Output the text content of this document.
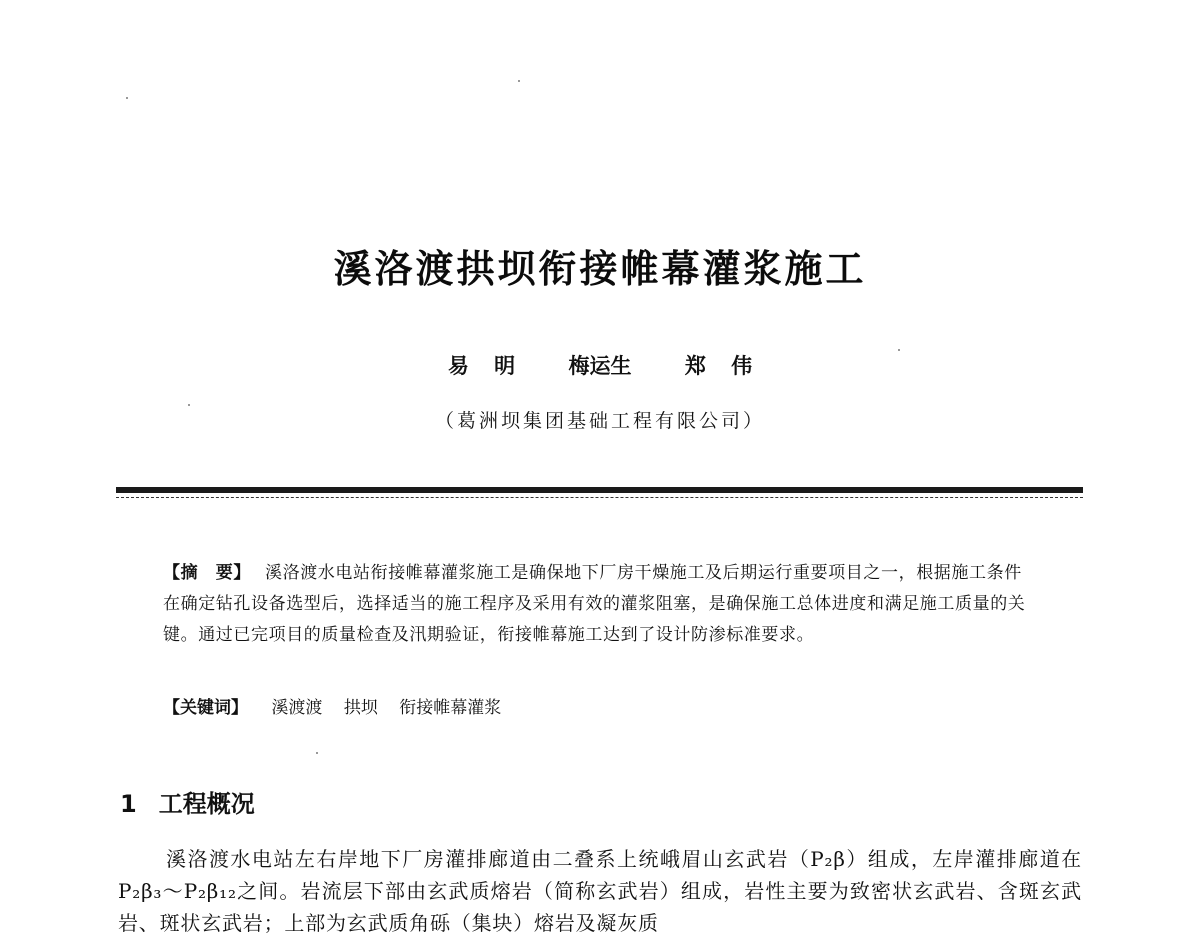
溪洛渡拱坝衔接帷幕灌浆施工
易 明	梅运生	郑 伟
（葛洲坝集团基础工程有限公司）
【摘　要】 溪洛渡水电站衔接帷幕灌浆施工是确保地下厂房干燥施工及后期运行重要项目之一，根据施工条件在确定钻孔设备选型后，选择适当的施工程序及采用有效的灌浆阻塞，是确保施工总体进度和满足施工质量的关键。通过已完项目的质量检查及汛期验证，衔接帷幕施工达到了设计防渗标准要求。
【关键词】 溪渡渡 拱坝 衔接帷幕灌浆
1 工程概况
溪洛渡水电站左右岸地下厂房灌排廊道由二叠系上统峨眉山玄武岩（P₂β）组成，左岸灌排廊道在P₂β₃～P₂β₁₂之间。岩流层下部由玄武质熔岩（简称玄武岩）组成，岩性主要为致密状玄武岩、含斑玄武岩、斑状玄武岩；上部为玄武质角砾（集块）熔岩及凝灰质
